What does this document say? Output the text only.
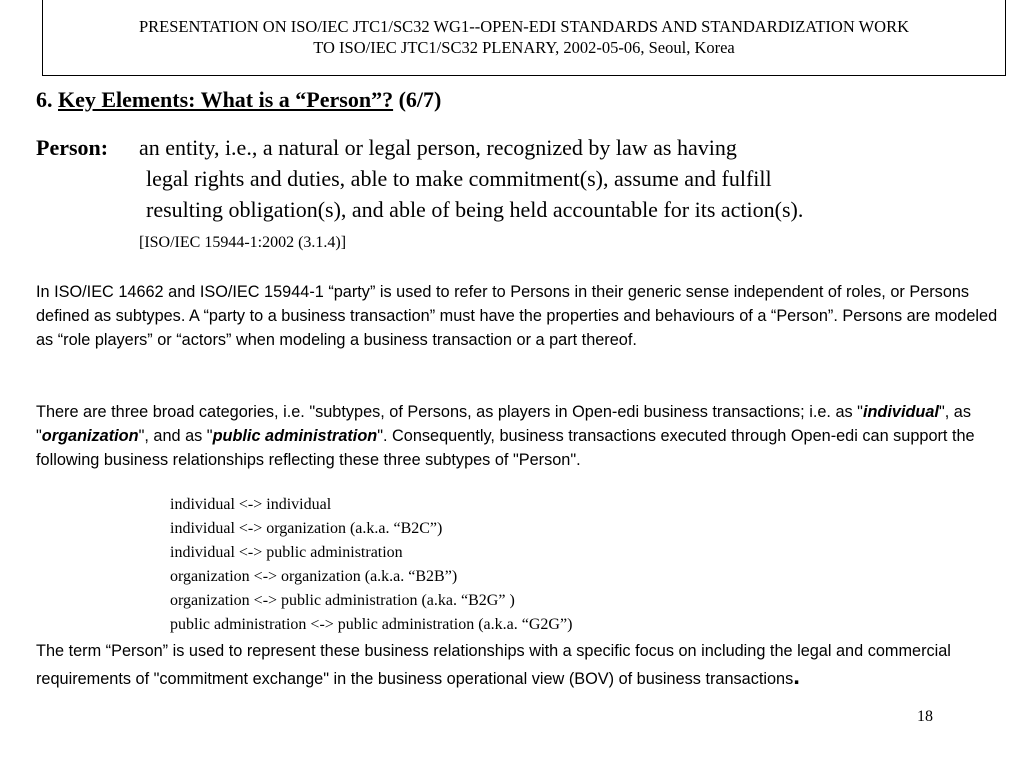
PRESENTATION ON ISO/IEC JTC1/SC32 WG1--OPEN-EDI STANDARDS AND STANDARDIZATION WORK
TO ISO/IEC JTC1/SC32 PLENARY, 2002-05-06, Seoul, Korea
6. Key Elements: What is a “Person”? (6/7)
Person: an entity, i.e., a natural or legal person, recognized by law as having
legal rights and duties, able to make commitment(s), assume and fulfill
resulting obligation(s), and able of being held accountable for its action(s).
[ISO/IEC 15944-1:2002 (3.1.4)]
In ISO/IEC 14662 and ISO/IEC 15944-1 “party” is used to refer to Persons in their generic sense independent of roles, or Persons defined as subtypes. A “party to a business transaction” must have the properties and behaviours of a “Person”. Persons are modeled as “role players” or “actors” when modeling a business transaction or a part thereof.
There are three broad categories, i.e. "subtypes, of Persons, as players in Open-edi business transactions; i.e. as "individual", as "organization", and as "public administration". Consequently, business transactions executed through Open-edi can support the following business relationships reflecting these three subtypes of "Person".
individual <-> individual
individual <-> organization (a.k.a. “B2C”)
individual <-> public administration
organization <-> organization (a.k.a. “B2B”)
organization <-> public administration (a.ka. “B2G” )
public administration <-> public administration (a.k.a. “G2G”)
The term “Person” is used to represent these business relationships with a specific focus on including the legal and commercial requirements of "commitment exchange" in the business operational view (BOV) of business transactions.
18
